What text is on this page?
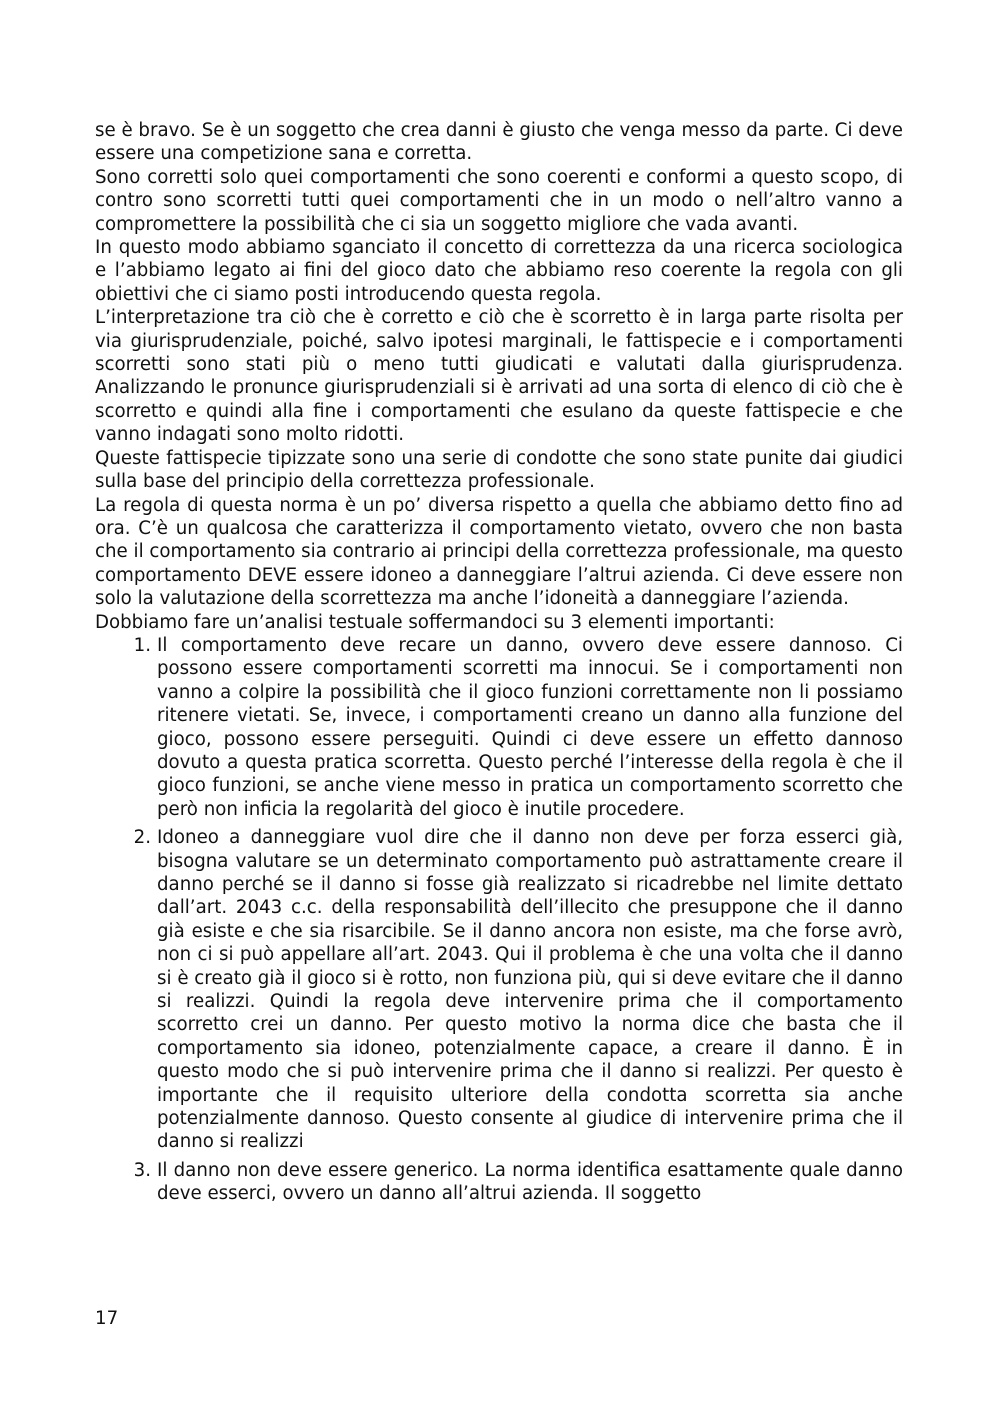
se è bravo. Se è un soggetto che crea danni è giusto che venga messo da parte. Ci deve essere una competizione sana e corretta.

Sono corretti solo quei comportamenti che sono coerenti e conformi a questo scopo, di contro sono scorretti tutti quei comportamenti che in un modo o nell’altro vanno a compromettere la possibilità che ci sia un soggetto migliore che vada avanti.

In questo modo abbiamo sganciato il concetto di correttezza da una ricerca sociologica e l’abbiamo legato ai fini del gioco dato che abbiamo reso coerente la regola con gli obiettivi che ci siamo posti introducendo questa regola.

L’interpretazione tra ciò che è corretto e ciò che è scorretto è in larga parte risolta per via giurisprudenziale, poiché, salvo ipotesi marginali, le fattispecie e i comportamenti scorretti sono stati più o meno tutti giudicati e valutati dalla giurisprudenza. Analizzando le pronunce giurisprudenziali si è arrivati ad una sorta di elenco di ciò che è scorretto e quindi alla fine i comportamenti che esulano da queste fattispecie e che vanno indagati sono molto ridotti.

Queste fattispecie tipizzate sono una serie di condotte che sono state punite dai giudici sulla base del principio della correttezza professionale.

La regola di questa norma è un po’ diversa rispetto a quella che abbiamo detto fino ad ora. C’è un qualcosa che caratterizza il comportamento vietato, ovvero che non basta che il comportamento sia contrario ai principi della correttezza professionale, ma questo comportamento DEVE essere idoneo a danneggiare l’altrui azienda. Ci deve essere non solo la valutazione della scorrettezza ma anche l’idoneità a danneggiare l’azienda.

Dobbiamo fare un’analisi testuale soffermandoci su 3 elementi importanti:

1. Il comportamento deve recare un danno, ovvero deve essere dannoso. Ci possono essere comportamenti scorretti ma innocui. Se i comportamenti non vanno a colpire la possibilità che il gioco funzioni correttamente non li possiamo ritenere vietati. Se, invece, i comportamenti creano un danno alla funzione del gioco, possono essere perseguiti. Quindi ci deve essere un effetto dannoso dovuto a questa pratica scorretta. Questo perché l’interesse della regola è che il gioco funzioni, se anche viene messo in pratica un comportamento scorretto che però non inficia la regolarità del gioco è inutile procedere.
2. Idoneo a danneggiare vuol dire che il danno non deve per forza esserci già, bisogna valutare se un determinato comportamento può astrattamente creare il danno perché se il danno si fosse già realizzato si ricadrebbe nel limite dettato dall’art. 2043 c.c. della responsabilità dell’illecito che presuppone che il danno già esiste e che sia risarcibile. Se il danno ancora non esiste, ma che forse avrò, non ci si può appellare all’art. 2043. Qui il problema è che una volta che il danno si è creato già il gioco si è rotto, non funziona più, qui si deve evitare che il danno si realizzi. Quindi la regola deve intervenire prima che il comportamento scorretto crei un danno. Per questo motivo la norma dice che basta che il comportamento sia idoneo, potenzialmente capace, a creare il danno. È in questo modo che si può intervenire prima che il danno si realizzi. Per questo è importante che il requisito ulteriore della condotta scorretta sia anche potenzialmente dannoso. Questo consente al giudice di intervenire prima che il danno si realizzi
3. Il danno non deve essere generico. La norma identifica esattamente quale danno deve esserci, ovvero un danno all’altrui azienda. Il soggetto
17
